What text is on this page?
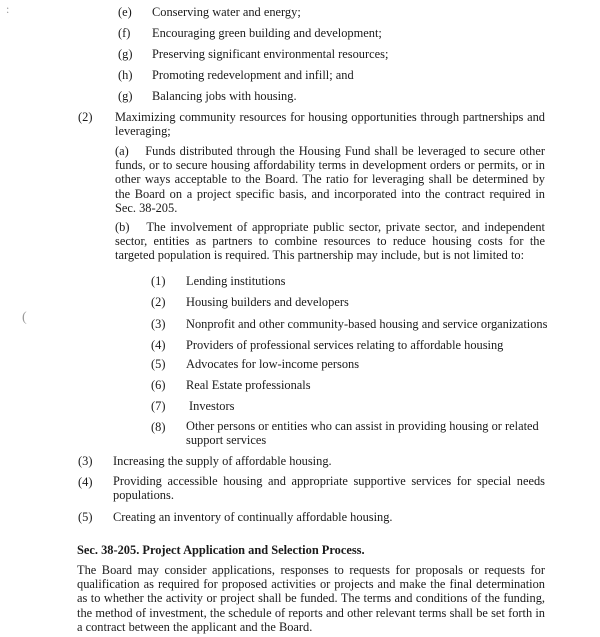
:
(
(e) Conserving water and energy;
(f) Encouraging green building and development;
(g) Preserving significant environmental resources;
(h) Promoting redevelopment and infill; and
(g) Balancing jobs with housing.
(2) Maximizing community resources for housing opportunities through partnerships and leveraging;
(a)  Funds distributed through the Housing Fund shall be leveraged to secure other funds, or to secure housing affordability terms in development orders or permits, or in other ways acceptable to the Board. The ratio for leveraging shall be determined by the Board on a project specific basis, and incorporated into the contract required in Sec. 38-205.
(b)  The involvement of appropriate public sector, private sector, and independent sector, entities as partners to combine resources to reduce housing costs for the targeted population is required. This partnership may include, but is not limited to:
(1) Lending institutions
(2) Housing builders and developers
(3) Nonprofit and other community-based housing and service organizations
(4) Providers of professional services relating to affordable housing
(5) Advocates for low-income persons
(6) Real Estate professionals
(7) Investors
(8) Other persons or entities who can assist in providing housing or related support services
(3) Increasing the supply of affordable housing.
(4) Providing accessible housing and appropriate supportive services for special needs populations.
(5) Creating an inventory of continually affordable housing.
Sec. 38-205. Project Application and Selection Process.
The Board may consider applications, responses to requests for proposals or requests for qualification as required for proposed activities or projects and make the final determination as to whether the activity or project shall be funded. The terms and conditions of the funding, the method of investment, the schedule of reports and other relevant terms shall be set forth in a contract between the applicant and the Board.
